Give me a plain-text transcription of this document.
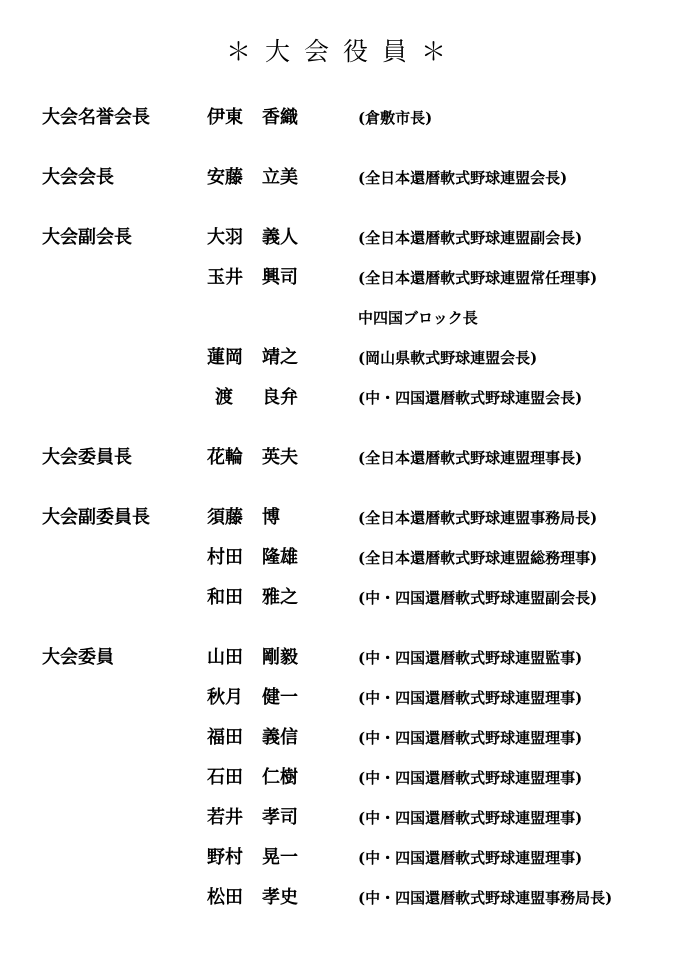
＊大会役員＊
大会名誉会長	伊東 香織	(倉敷市長)
大会会長	安藤 立美	(全日本還暦軟式野球連盟会長)
大会副会長	大羽 義人	(全日本還暦軟式野球連盟副会長)
玉井 興司	(全日本還暦軟式野球連盟常任理事)
中四国ブロック長
蓮岡 靖之	(岡山県軟式野球連盟会長)
渡 良弁	(中・四国還暦軟式野球連盟会長)
大会委員長	花輪 英夫	(全日本還暦軟式野球連盟理事長)
大会副委員長	須藤 博	(全日本還暦軟式野球連盟事務局長)
村田 隆雄	(全日本還暦軟式野球連盟総務理事)
和田 雅之	(中・四国還暦軟式野球連盟副会長)
大会委員	山田 剛毅	(中・四国還暦軟式野球連盟監事)
秋月 健一	(中・四国還暦軟式野球連盟理事)
福田 義信	(中・四国還暦軟式野球連盟理事)
石田 仁樹	(中・四国還暦軟式野球連盟理事)
若井 孝司	(中・四国還暦軟式野球連盟理事)
野村 晃一	(中・四国還暦軟式野球連盟理事)
松田 孝史	(中・四国還暦軟式野球連盟事務局長)
